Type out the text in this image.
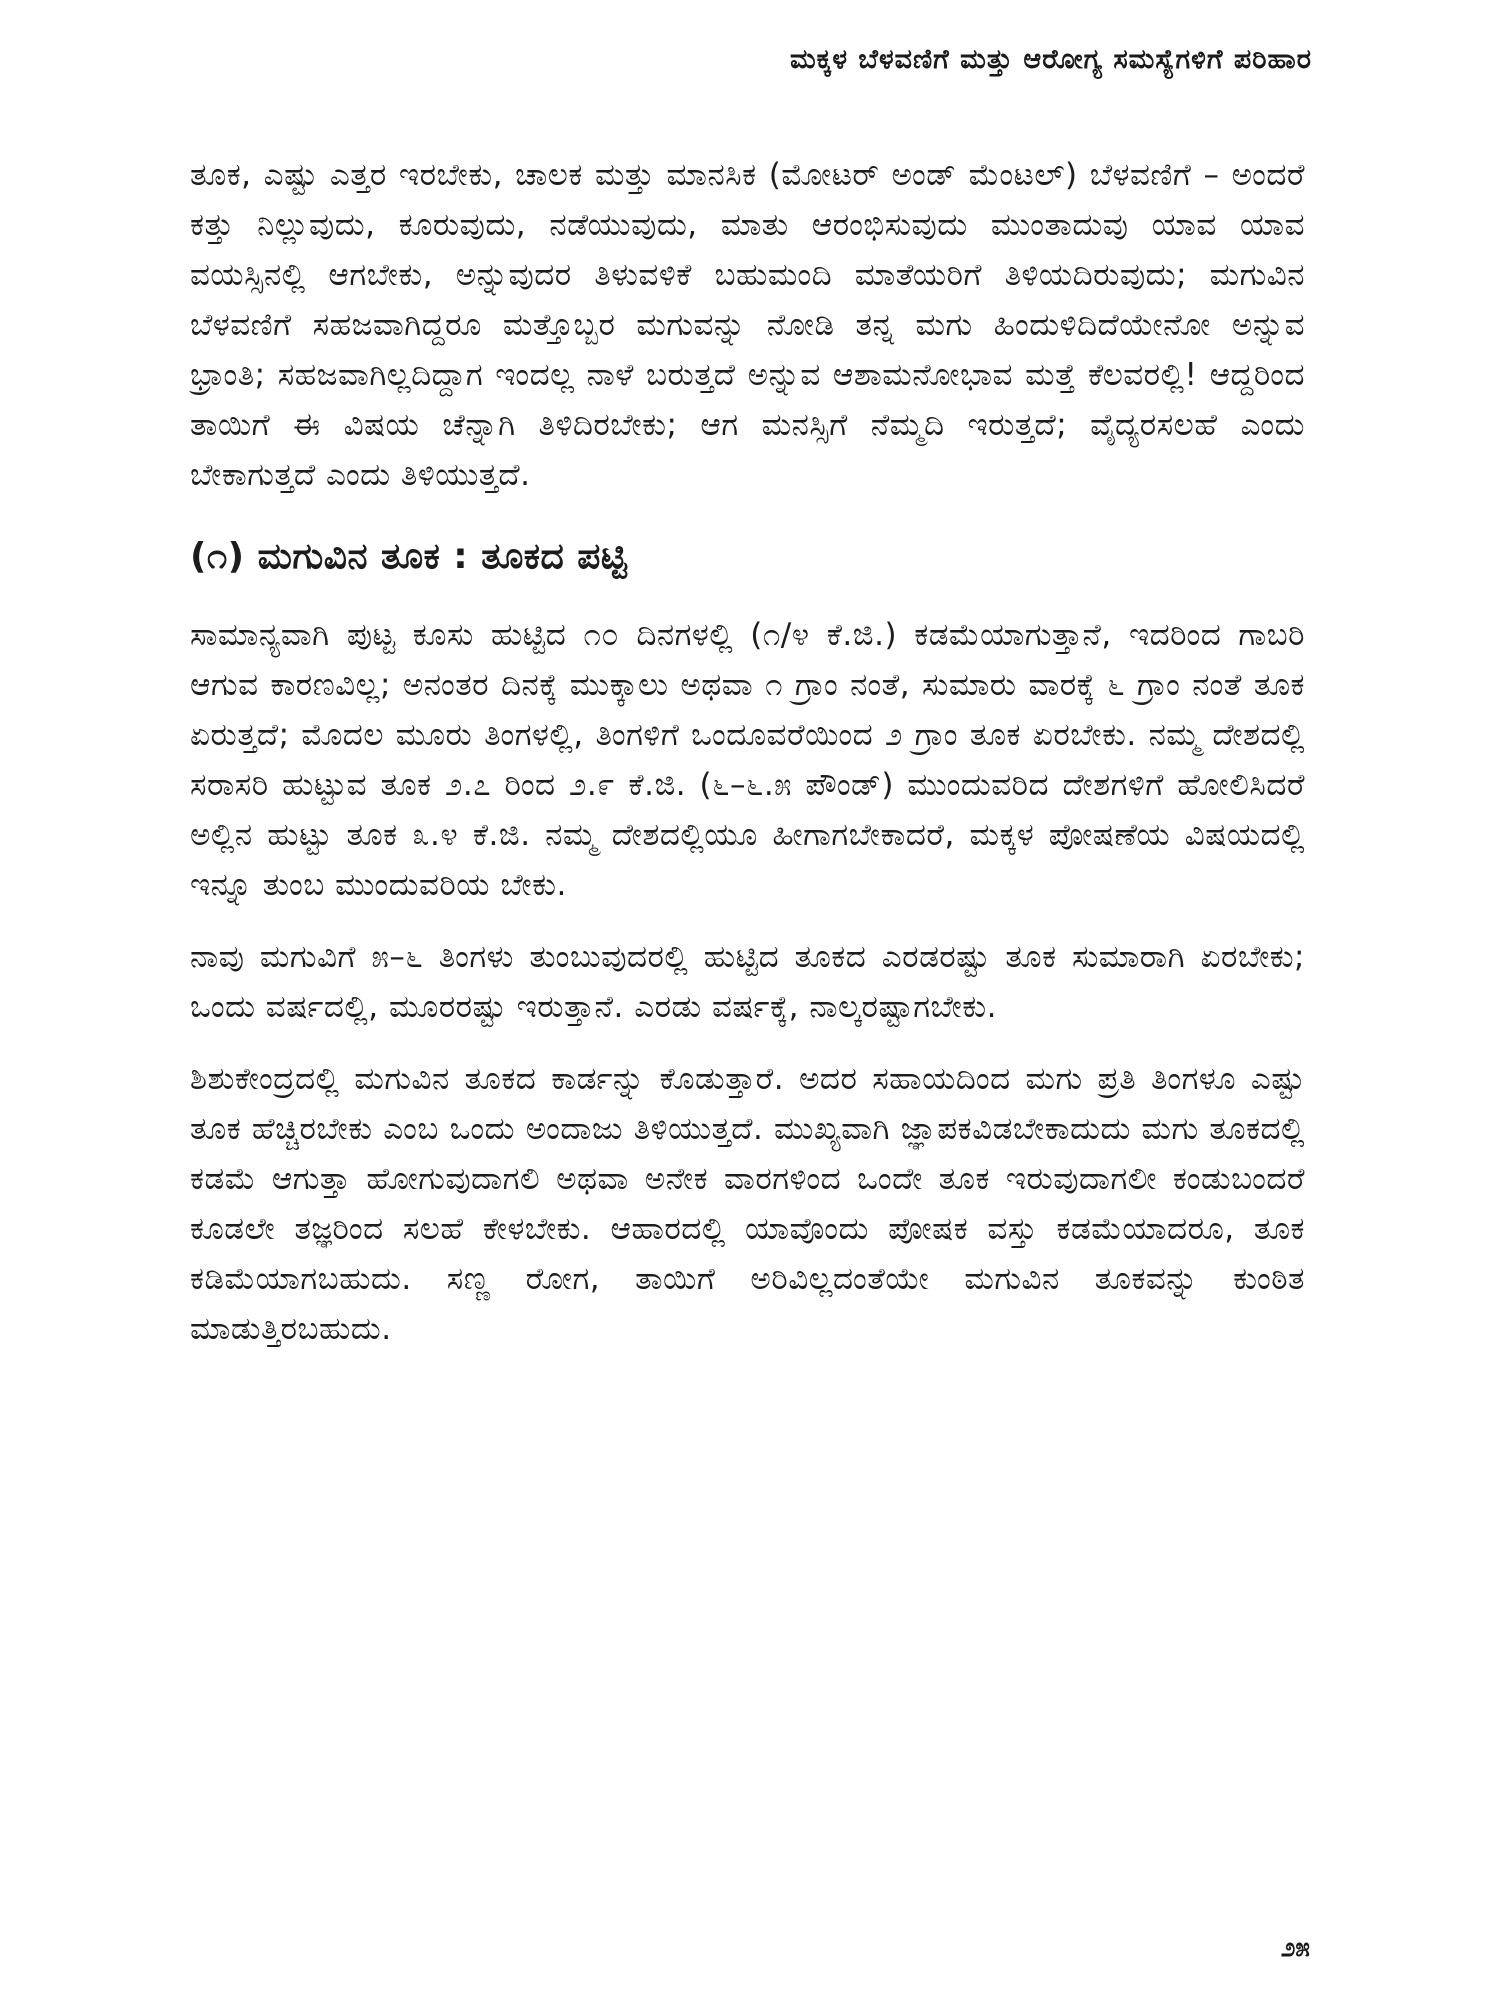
ಮಕ್ಕಳ ಬೆಳವಣಿಗೆ ಮತ್ತು ಆರೋಗ್ಯ ಸಮಸ್ಯೆಗಳಿಗೆ ಪರಿಹಾರ

ತೂಕ, ಎಷ್ಟು ಎತ್ತರ ಇರಬೇಕು, ಚಾಲಕ ಮತ್ತು ಮಾನಸಿಕ (ಮೋಟರ್ ಅಂಡ್ ಮೆಂಟಲ್) ಬೆಳವಣಿಗೆ – ಅಂದರೆ ಕತ್ತು ನಿಲ್ಲುವುದು, ಕೂರುವುದು, ನಡೆಯುವುದು, ಮಾತು ಆರಂಭಿಸುವುದು ಮುಂತಾದುವು ಯಾವ ಯಾವ ವಯಸ್ಸಿನಲ್ಲಿ ಆಗಬೇಕು, ಅನ್ನುವುದರ ತಿಳುವಳಿಕೆ ಬಹುಮಂದಿ ಮಾತೆಯರಿಗೆ ತಿಳಿಯದಿರುವುದು; ಮಗುವಿನ ಬೆಳವಣಿಗೆ ಸಹಜವಾಗಿದ್ದರೂ ಮತ್ತೊಬ್ಬರ ಮಗುವನ್ನು ನೋಡಿ ತನ್ನ ಮಗು ಹಿಂದುಳಿದಿದೆಯೇನೋ ಅನ್ನುವ ಭ್ರಾಂತಿ; ಸಹಜವಾಗಿಲ್ಲದಿದ್ದಾಗ ಇಂದಲ್ಲ ನಾಳೆ ಬರುತ್ತದೆ ಅನ್ನುವ ಆಶಾಮನೋಭಾವ ಮತ್ತೆ ಕೆಲವರಲ್ಲಿ! ಆದ್ದರಿಂದ ತಾಯಿಗೆ ಈ ವಿಷಯ ಚೆನ್ನಾಗಿ ತಿಳಿದಿರಬೇಕು; ಆಗ ಮನಸ್ಸಿಗೆ ನೆಮ್ಮದಿ ಇರುತ್ತದೆ; ವೈದ್ಯರಸಲಹೆ ಎಂದು ಬೇಕಾಗುತ್ತದೆ ಎಂದು ತಿಳಿಯುತ್ತದೆ.

(೧) ಮಗುವಿನ ತೂಕ : ತೂಕದ ಪಟ್ಟಿ

ಸಾಮಾನ್ಯವಾಗಿ ಪುಟ್ಟ ಕೂಸು ಹುಟ್ಟಿದ ೧೦ ದಿನಗಳಲ್ಲಿ (೧/೪ ಕೆ.ಜಿ.) ಕಡಮೆಯಾಗುತ್ತಾನೆ, ಇದರಿಂದ ಗಾಬರಿ ಆಗುವ ಕಾರಣವಿಲ್ಲ; ಅನಂತರ ದಿನಕ್ಕೆ ಮುಕ್ಕಾಲು ಅಥವಾ ೧ ಗ್ರಾಂ ನಂತೆ, ಸುಮಾರು ವಾರಕ್ಕೆ ೬ ಗ್ರಾಂ ನಂತೆ ತೂಕ ಏರುತ್ತದೆ; ಮೊದಲ ಮೂರು ತಿಂಗಳಲ್ಲಿ, ತಿಂಗಳಿಗೆ ಒಂದೂವರೆಯಿಂದ ೨ ಗ್ರಾಂ ತೂಕ ಏರಬೇಕು. ನಮ್ಮ ದೇಶದಲ್ಲಿ ಸರಾಸರಿ ಹುಟ್ಟುವ ತೂಕ ೨.೭ ರಿಂದ ೨.೯ ಕೆ.ಜಿ. (೬–೬.೫ ಪೌಂಡ್) ಮುಂದುವರಿದ ದೇಶಗಳಿಗೆ ಹೋಲಿಸಿದರೆ ಅಲ್ಲಿನ ಹುಟ್ಟು ತೂಕ ೩.೪ ಕೆ.ಜಿ. ನಮ್ಮ ದೇಶದಲ್ಲಿಯೂ ಹೀಗಾಗಬೇಕಾದರೆ, ಮಕ್ಕಳ ಪೋಷಣೆಯ ವಿಷಯದಲ್ಲಿ ಇನ್ನೂ ತುಂಬ ಮುಂದುವರಿಯ ಬೇಕು.

ನಾವು ಮಗುವಿಗೆ ೫–೬ ತಿಂಗಳು ತುಂಬುವುದರಲ್ಲಿ ಹುಟ್ಟಿದ ತೂಕದ ಎರಡರಷ್ಟು ತೂಕ ಸುಮಾರಾಗಿ ಏರಬೇಕು; ಒಂದು ವರ್ಷದಲ್ಲಿ, ಮೂರರಷ್ಟು ಇರುತ್ತಾನೆ. ಎರಡು ವರ್ಷಕ್ಕೆ, ನಾಲ್ಕರಷ್ಟಾಗಬೇಕು.

ಶಿಶುಕೇಂದ್ರದಲ್ಲಿ ಮಗುವಿನ ತೂಕದ ಕಾರ್ಡನ್ನು ಕೊಡುತ್ತಾರೆ. ಅದರ ಸಹಾಯದಿಂದ ಮಗು ಪ್ರತಿ ತಿಂಗಳೂ ಎಷ್ಟು ತೂಕ ಹೆಚ್ಚಿರಬೇಕು ಎಂಬ ಒಂದು ಅಂದಾಜು ತಿಳಿಯುತ್ತದೆ. ಮುಖ್ಯವಾಗಿ ಜ್ಞಾಪಕವಿಡಬೇಕಾದುದು ಮಗು ತೂಕದಲ್ಲಿ ಕಡಮೆ ಆಗುತ್ತಾ ಹೋಗುವುದಾಗಲಿ ಅಥವಾ ಅನೇಕ ವಾರಗಳಿಂದ ಒಂದೇ ತೂಕ ಇರುವುದಾಗಲೀ ಕಂಡುಬಂದರೆ ಕೂಡಲೇ ತಜ್ಞರಿಂದ ಸಲಹೆ ಕೇಳಬೇಕು. ಆಹಾರದಲ್ಲಿ ಯಾವೊಂದು ಪೋಷಕ ವಸ್ತು ಕಡಮೆಯಾದರೂ, ತೂಕ ಕಡಿಮೆಯಾಗಬಹುದು. ಸಣ್ಣ ರೋಗ, ತಾಯಿಗೆ ಅರಿವಿಲ್ಲದಂತೆಯೇ ಮಗುವಿನ ತೂಕವನ್ನು ಕುಂಠಿತ ಮಾಡುತ್ತಿರಬಹುದು.

೨೫
